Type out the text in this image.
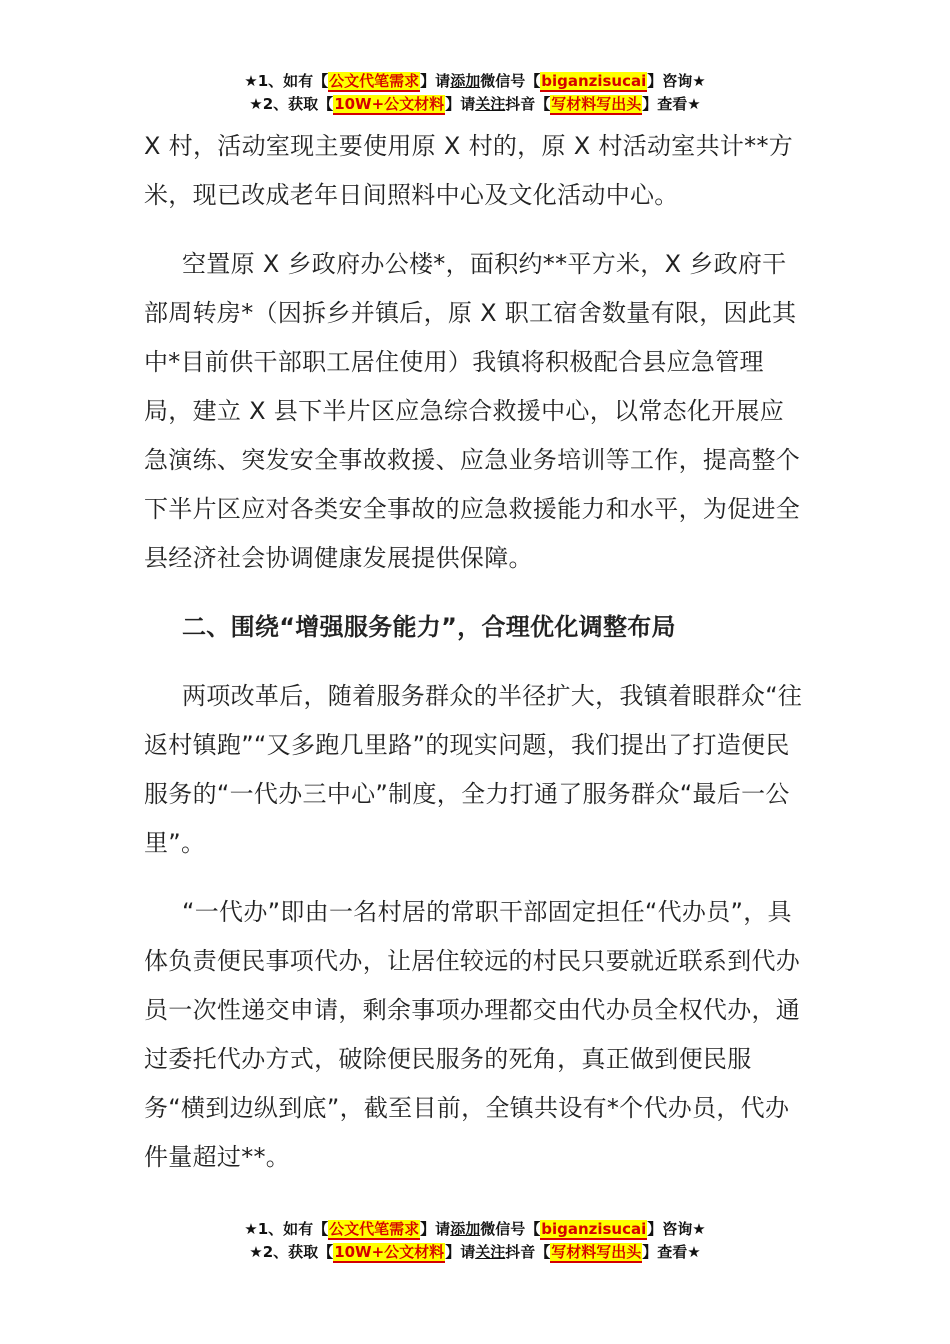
★1、如有【公文代笔需求】请添加微信号【biganzisucai】咨询★
★2、获取【10W+公文材料】请关注抖音【写材料写出头】查看★

X 村，活动室现主要使用原 X 村的，原 X 村活动室共计**方米，现已改成老年日间照料中心及文化活动中心。

空置原 X 乡政府办公楼*，面积约**平方米，X 乡政府干部周转房*（因拆乡并镇后，原 X 职工宿舍数量有限，因此其中*目前供干部职工居住使用）我镇将积极配合县应急管理局，建立 X 县下半片区应急综合救援中心，以常态化开展应急演练、突发安全事故救援、应急业务培训等工作，提高整个下半片区应对各类安全事故的应急救援能力和水平，为促进全县经济社会协调健康发展提供保障。

二、围绕“增强服务能力”，合理优化调整布局

两项改革后，随着服务群众的半径扩大，我镇着眼群众“往返村镇跑”“又多跑几里路”的现实问题，我们提出了打造便民服务的“一代办三中心”制度，全力打通了服务群众“最后一公里”。

“一代办”即由一名村居的常职干部固定担任“代办员”，具体负责便民事项代办，让居住较远的村民只要就近联系到代办员一次性递交申请，剩余事项办理都交由代办员全权代办，通过委托代办方式，破除便民服务的死角，真正做到便民服务“横到边纵到底”，截至目前，全镇共设有*个代办员，代办件量超过**。

★1、如有【公文代笔需求】请添加微信号【biganzisucai】咨询★
★2、获取【10W+公文材料】请关注抖音【写材料写出头】查看★
